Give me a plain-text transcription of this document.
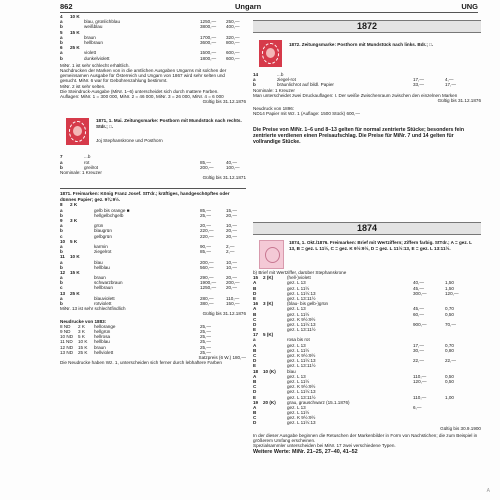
862	Ungarn	UNG
4 10 K
a	blau, grünlichblau	1250,— 250,—
b	weißblau	3800,— 400,—
5 15 K
a	braun	1700,— 320,—
b	hellbraun	3600,— 800,—
6 25 K
a	violett	1500,— 600,—
b	dunkelviolett	1800,— 600,—
MiNr. 1 ist sehr schlecht erhältlich.
Nachdrucken der Marken von in die amtlichen Ausgaben Ungarns mit solchen der
gemeinsamen Ausgabe für Österreich und Ungarn von 1867 wird sehr selten und
gesucht. MiNr. 6 war für Gebührenzahlung bestimmt.
MiNr. 2 ist sehr selten.
Die Steindruck-Ausgabe (MiNr. 1–6) unterscheidet sich durch mattere Farben.
Auflagen: MiNr. 1 = 300 000, MiNr. 2 = 46 000, MiNr. 3 = 26 000, MiNr. 4 = 6 000
Gültig bis 31.12.1876
1871, 1. Mai. Zeitungsmarke: Postborn mit Mundstück nach rechts. Stdr.; □.
Joj Stephanskrone und Posthorn
7	...b
a	rot	85,—	40,—
b	greilrot	200,—	100,—
Nominale: 1 Kreuzer
Gültig bis 31.12.1871
1871. Freimarken: König Franz Josef. StTdr.; kräftiges, handgeschöpftes oder dünnes Papier; gez. 9¾:9½.
8 2 K
a	gelb bis orange ■	85,—	15,—
b	hellgelbchgelb	25,—	20,—
9 3 K
a	grün	20,—	10,—
b	blaugrün	220,—	20,—
c	gelbgrün	220,—	20,—
10 5 K
a	karmin	90,—	2,—
b	ziegelrot	85,—	2,—
11 10 K
a	blau	200,—	10,—
b	hellblau	560,—	10,—
12 15 K
a	braun	290,—	20,—
b	schwarzbraun	1900,— 200,—
c	hellbraun	1250,— 20,—
13 25 K
a	blauviolett	280,—	110,—
b	rotviolett	380,—	150,—
MiNr. 13 ist sehr schlechtfindlich
Gültig bis 31.12.1876
Neudrucke von 1883:
8 ND 2 K hellorange	25,—
9 ND 3 K hellgrün	25,—
10 ND 5 K hellrosa	25,—
11 ND 10 K hellblau	25,—
12 ND 15 K braun	25,—
13 ND 25 K hellviolett	25,—
Satzpreis (6 W.) 180,—
Die Neudrucke haben Wz. 1, unterscheiden sich ferner durch lebhaftere Farben
1872
1874
1872. Zeitungsmarke: Posthorn mit Mundstück nach links. Bdr.; □.
14	...b
a	ziegel-rot	17,—	4,—
b	bräunlichrot auf bildl. Papier	33,—	17,—
Nominale: 1 Kreuzer
Man unterscheidet zwei Druckauflagen: I. Der weiße Zwischenraum zwischen den einzelnen Marken
Gültig bis 31.12.1876
Neudruck von 1896:
ND14 Papier mit Wz. 1 (Auflage: 1500 Stück) 600,—
Die Preise von MiNr. 1–6 und 8–13 gelten für normal zentrierte Stücke; besonders fein zentrierte verdienen einen Preisaufschlag. Die Preise für MiNr. 7 und 14 gelten für vollrandige Stücke.
1874, 1. Okt./1876. Freimarken: Brief mit Wertziffern; Ziffern farbig. StTdr.; A = gez. L 13, B = gez. L 11½, C = gez. K 9½:9½, D = gez. L 11½:13, E = gez. L 13:11½.
b) Brief mit Wertziffer, darüber Stephanskrone
15 2 (K)	(hell-)violett
A	gez. L 13	40,—	1,50
B	gez. L 11½	45,—	1,50
D	gez. L 11½:13	300,—	120,—
E	gez. L 13:11½
16 3 (K)	(blau- bis gelb-)grün
A	gez. L 13	45,—	0,70
B	gez. L 11½	60,—	0,50
C	gez. K 9½:9½
D	gez. L 11½:13	900,—	70,—
E	gez. L 13:11½
17 5 (K)
a	rosa bis rot
A	gez. L 13	17,—	0,70
B	gez. L 11½	30,—	0,80
C	gez. K 9½:9½
D	gez. L 11½:13	22,—	22,—
E	gez. L 13:11½
18 10 (K) blau
A	gez. L 13	110,—	0,50
B	gez. L 11½	120,—	0,50
C	gez. K 9½:9½
D	gez. L 11½:13
E	gez. L 13:11½	110,—	1,00
19 20 (K) grau, grauschwarz (15.1.1876)
A	gez. L 13	6,—
B	gez. L 11½
C	gez. K 9½:9½
D	gez. L 11½:13
Gültig bis 30.9.1900
In der dieser Ausgabe beginnen die Retuschen der Markenbilder in Form von Nachstichen; die zum Beispiel in größerem Umfang erscheinen.
Spezialsammler unterscheiden bei MiNr. 17 zwei verschiedene Typen.
Weitere Werte: MiNr. 21–25, 27–40, 41–52
A
